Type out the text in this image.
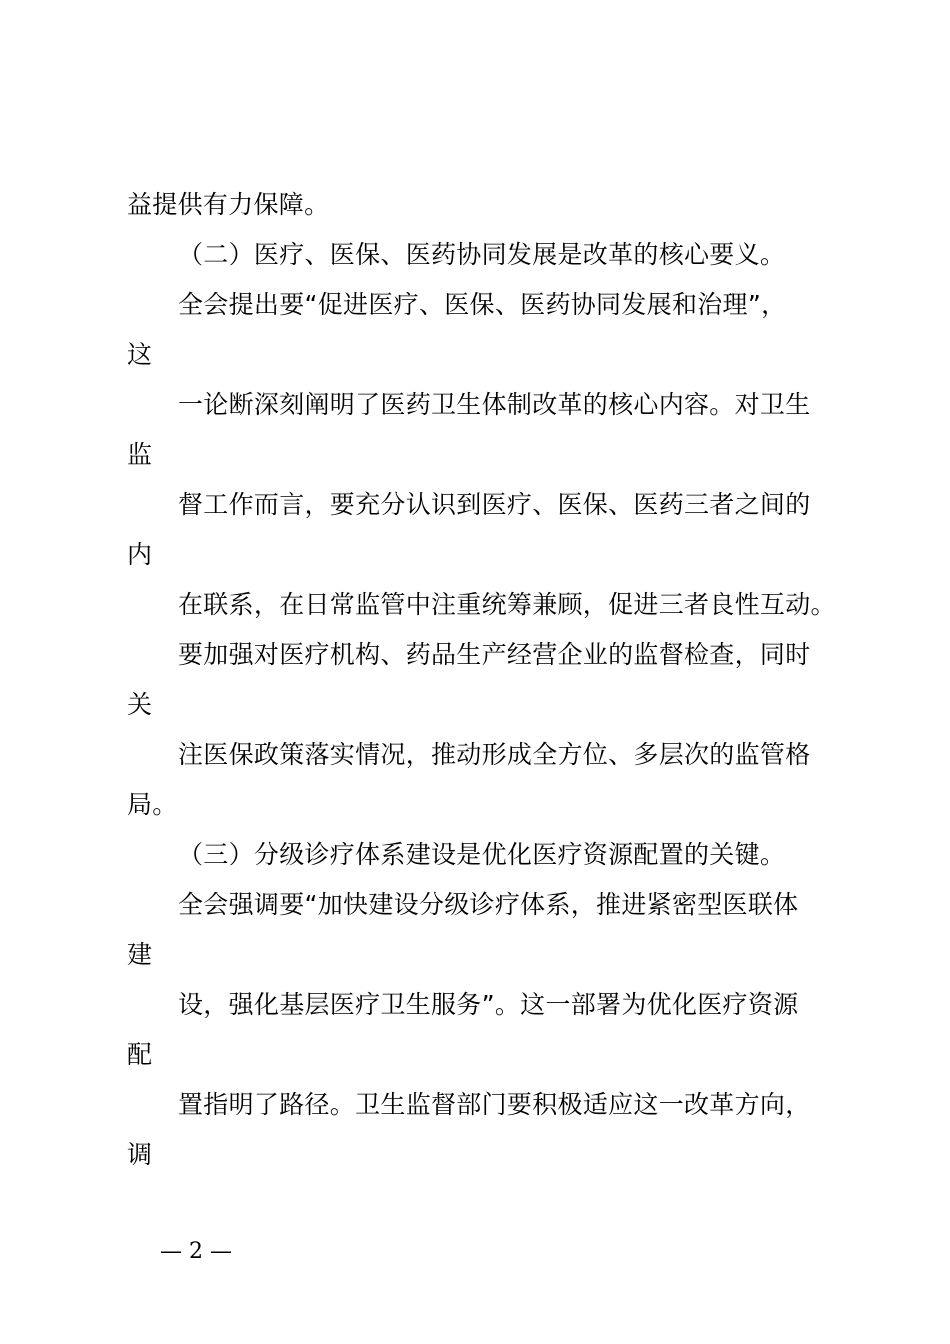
益提供有力保障。
（二）医疗、医保、医药协同发展是改革的核心要义。
全会提出要“促进医疗、医保、医药协同发展和治理”，
这
一论断深刻阐明了医药卫生体制改革的核心内容。对卫生
监
督工作而言，要充分认识到医疗、医保、医药三者之间的
内
在联系，在日常监管中注重统筹兼顾，促进三者良性互动。
要加强对医疗机构、药品生产经营企业的监督检查，同时
关
注医保政策落实情况，推动形成全方位、多层次的监管格
局。
（三）分级诊疗体系建设是优化医疗资源配置的关键。
全会强调要“加快建设分级诊疗体系，推进紧密型医联体
建
设，强化基层医疗卫生服务”。这一部署为优化医疗资源
配
置指明了路径。卫生监督部门要积极适应这一改革方向，
调
— 2 —
